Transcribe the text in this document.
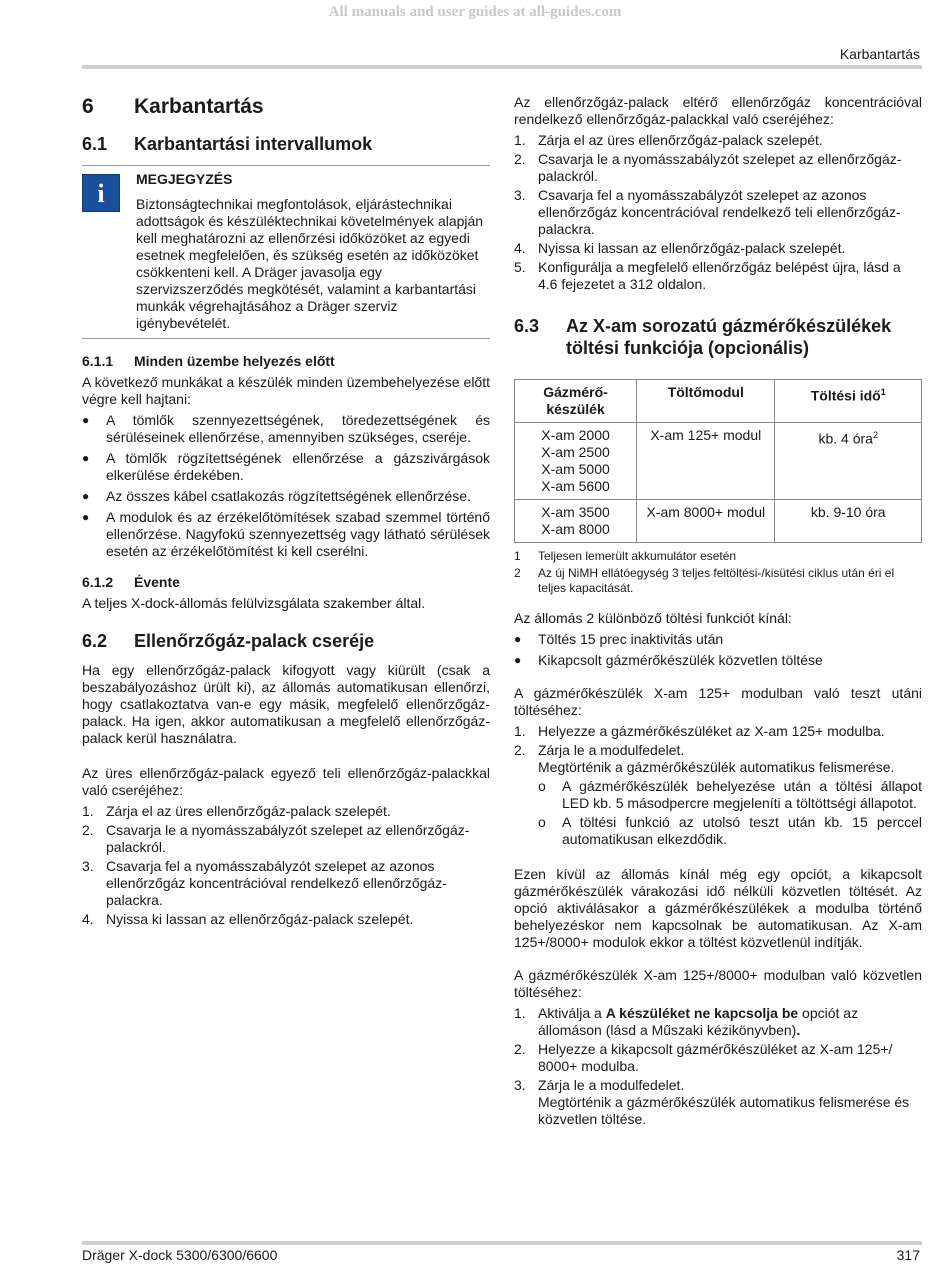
All manuals and user guides at all-guides.com
Karbantartás
6	Karbantartás
6.1	Karbantartási intervallumok
i	MEGJEGYZÉS

Biztonságtechnikai megfontolások, eljárástechnikai adottságok és készüléktechnikai követelmények alapján kell meghatározni az ellenőrzési időközöket az egyedi esetnek megfelelően, és szükség esetén az időközöket csökkenteni kell. A Dräger javasolja egy szervizszerződés megkötését, valamint a karbantartási munkák végrehajtásához a Dräger szerviz igénybevételét.

6.1.1	Minden üzembe helyezés előtt

A következő munkákat a készülék minden üzembehelyezése előtt végre kell hajtani:

●	A tömlők szennyezettségének, töredezettségének és sérüléseinek ellenőrzése, amennyiben szükséges, cseréje.
●	A tömlők rögzítettségének ellenőrzése a gázszivárgások elkerülése érdekében.
●	Az összes kábel csatlakozás rögzítettségének ellenőrzése.
●	A modulok és az érzékelőtömítések szabad szemmel történő ellenőrzése. Nagyfokú szennyezettség vagy látható sérülések esetén az érzékelőtömítést ki kell cserélni.
6.1.2	Évente

A teljes X-dock-állomás felülvizsgálata szakember által.

6.2	Ellenőrzőgáz-palack cseréje

Ha egy ellenőrzőgáz-palack kifogyott vagy kiürült (csak a beszabályozáshoz ürült ki), az állomás automatikusan ellenőrzi, hogy csatlakoztatva van-e egy másik, megfelelő ellenőrzőgáz-palack. Ha igen, akkor automatikusan a megfelelő ellenőrzőgáz-palack kerül használatra.

Az üres ellenőrzőgáz-palack egyező teli ellenőrzőgáz-palackkal való cseréjéhez:

1. Zárja el az üres ellenőrzőgáz-palack szelepét.
2. Csavarja le a nyomásszabályzót szelepet az ellenőrzőgáz-palackról.
3. Csavarja fel a nyomásszabályzót szelepet az azonos ellenőrzőgáz koncentrációval rendelkező ellenőrzőgáz-palackra.
4. Nyissa ki lassan az ellenőrzőgáz-palack szelepét.

Az ellenőrzőgáz-palack eltérő ellenőrzőgáz koncentrációval rendelkező ellenőrzőgáz-palackkal való cseréjéhez:

1. Zárja el az üres ellenőrzőgáz-palack szelepét.
2. Csavarja le a nyomásszabályzót szelepet az ellenőrzőgáz-palackról.
3. Csavarja fel a nyomásszabályzót szelepet az azonos ellenőrzőgáz koncentrációval rendelkező teli ellenőrzőgáz-palackra.
4. Nyissa ki lassan az ellenőrzőgáz-palack szelepét.
5. Konfigurálja a megfelelő ellenőrzőgáz belépést újra, lásd a 4.6 fejezetet a 312 oldalon.
6.3	Az X-am sorozatú gázmérőkészülékek töltési funkciója (opcionális)
Gázmérő-készülék	Töltőmodul	Töltési idő$^1$

X-am 2000
X-am 2500
X-am 5000
X-am 5600	X-am 125+ modul	kb. 4 óra$^2$

X-am 3500
X-am 8000	X-am 8000+ modul	kb. 9-10 óra
1	Teljesen lemerült akkumulátor esetén
2	Az új NiMH ellátóegység 3 teljes feltöltési-/kisütési ciklus után éri el teljes kapacitását.

Az állomás 2 különböző töltési funkciót kínál:

●	Töltés 15 prec inaktivitás után
●	Kikapcsolt gázmérőkészülék közvetlen töltése

A gázmérőkészülék X-am 125+ modulban való teszt utáni töltéséhez:

1. Helyezze a gázmérőkészüléket az X-am 125+ modulba.
2. Zárja le a modulfedelet.
Megtörténik a gázmérőkészülék automatikus felismerése.
o	A gázmérőkészülék behelyezése után a töltési állapot LED kb. 5 másodpercre megjeleníti a töltöttségi állapotot.
o	A töltési funkció az utolsó teszt után kb. 15 perccel automatikusan elkezdődik.

Ezen kívül az állomás kínál még egy opciót, a kikapcsolt gázmérőkészülék várakozási idő nélküli közvetlen töltését. Az opció aktiválásakor a gázmérőkészülékek a modulba történő behelyezéskor nem kapcsolnak be automatikusan. Az X-am 125+/8000+ modulok ekkor a töltést közvetlenül indítják.

A gázmérőkészülék X-am 125+/8000+ modulban való közvetlen töltéséhez:

1. Aktiválja a A készüléket ne kapcsolja be opciót az állomáson (lásd a Műszaki kézikönyvben).
2. Helyezze a kikapcsolt gázmérőkészüléket az X-am 125+/ 8000+ modulba.
3. Zárja le a modulfedelet.
Megtörténik a gázmérőkészülék automatikus felismerése és közvetlen töltése.
Dräger X-dock 5300/6300/6600	317
